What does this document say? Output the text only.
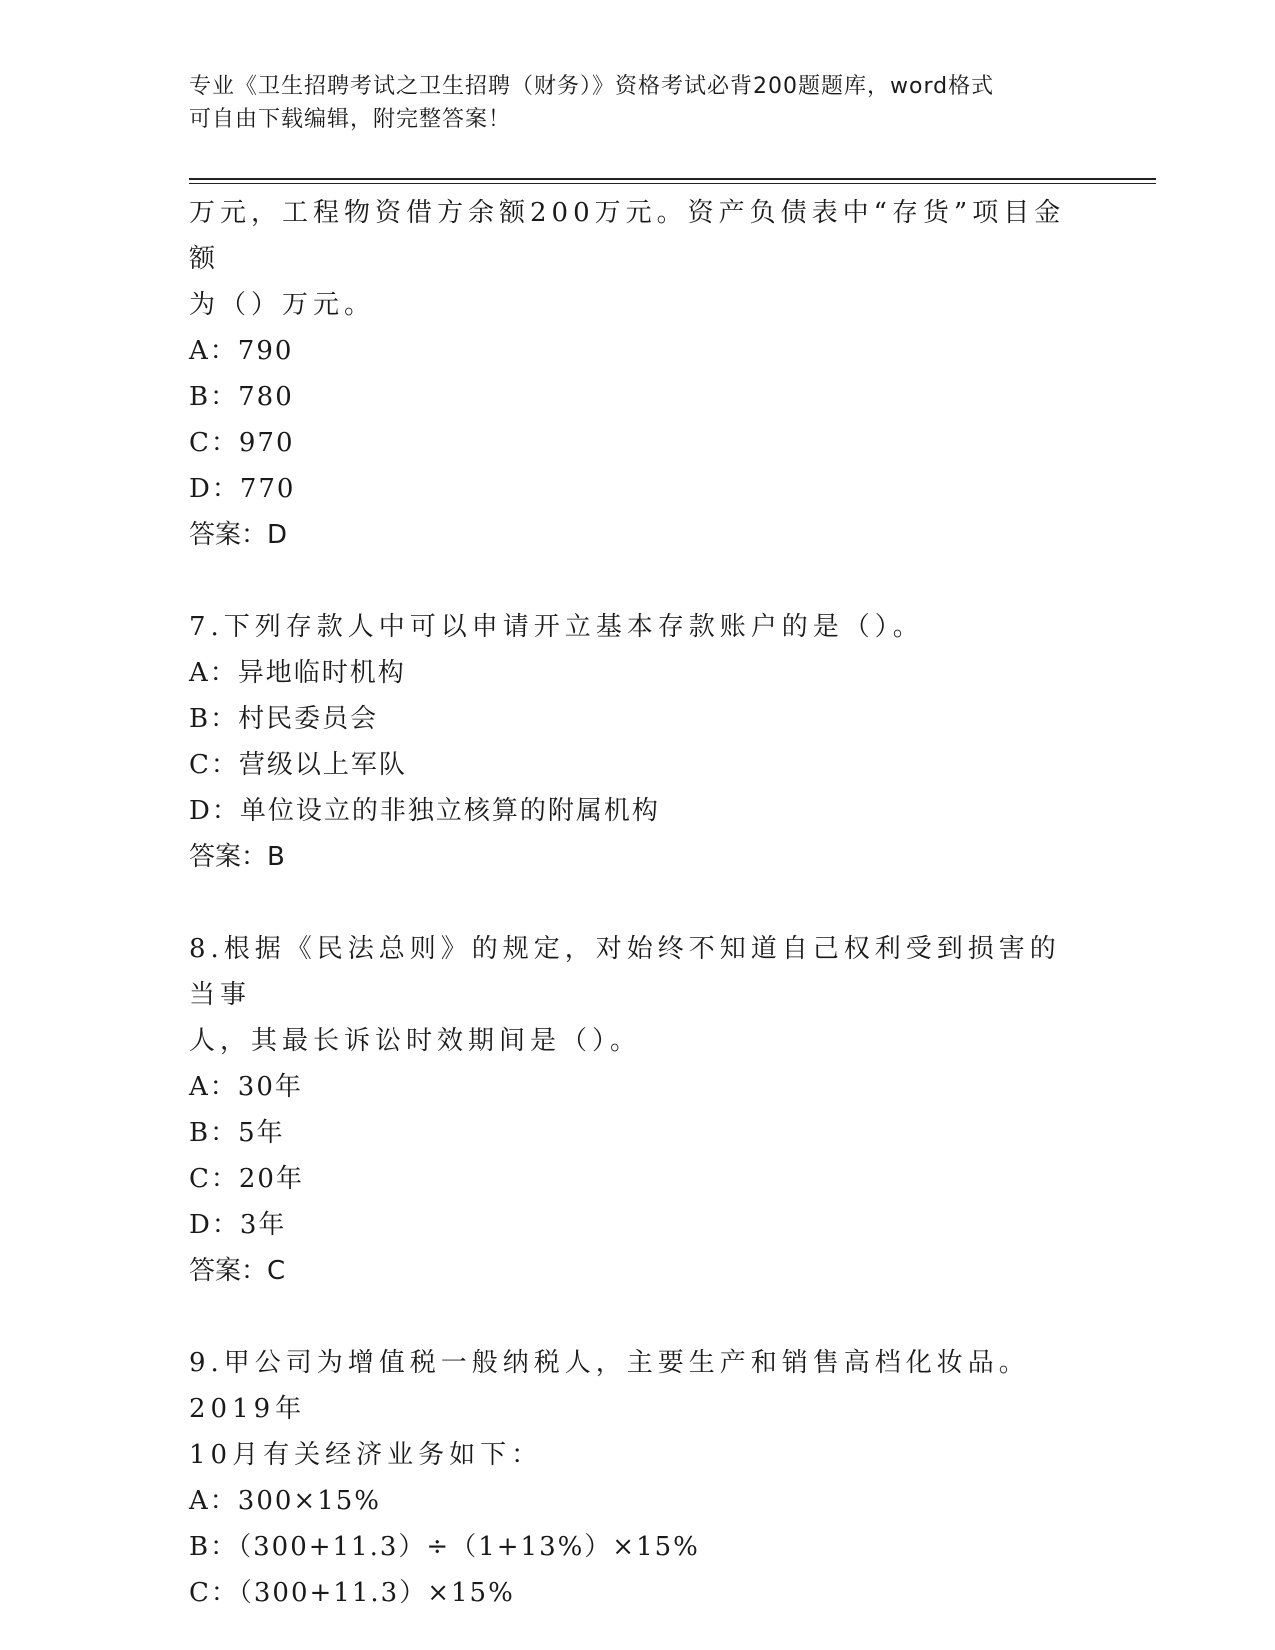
专业《卫生招聘考试之卫生招聘（财务）》资格考试必背200题题库，word格式
可自由下载编辑，附完整答案！

万元，工程物资借方余额200万元。资产负债表中“存货”项目金额

为（）万元。

A：790

B：780

C：970

D：770

答案：D

7.下列存款人中可以申请开立基本存款账户的是（）。

A：异地临时机构

B：村民委员会

C：营级以上军队

D：单位设立的非独立核算的附属机构

答案：B

8.根据《民法总则》的规定，对始终不知道自己权利受到损害的当事

人，其最长诉讼时效期间是（）。

A：30年

B：5年

C：20年

D：3年

答案：C

9.甲公司为增值税一般纳税人，主要生产和销售高档化妆品。2019年

10月有关经济业务如下：

A：300×15%

B：（300+11.3）÷（1+13%）×15%

C：（300+11.3）×15%
